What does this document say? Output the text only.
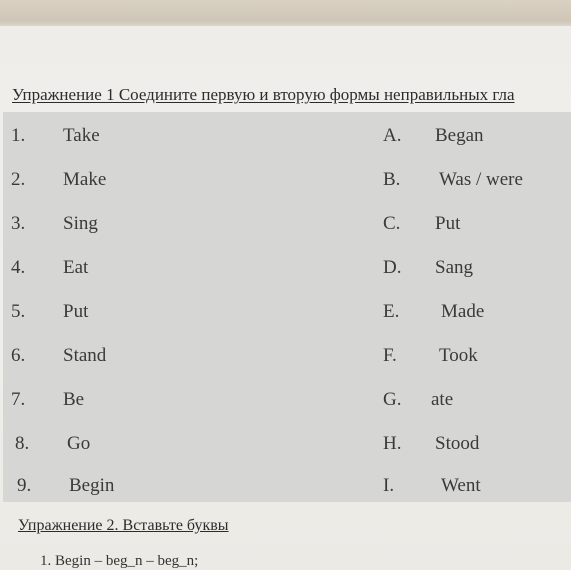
Упражнение 1 Соедините первую и вторую формы неправильных гла
1. Take	A. Began
2. Make	B. Was / were
3. Sing	C. Put
4. Eat	D. Sang
5. Put	E. Made
6. Stand	F. Took
7. Be	G. ate
8. Go	H. Stood
9. Begin	I. Went
Упражнение 2. Вставьте буквы
1. Begin – beg_n – beg_n;
